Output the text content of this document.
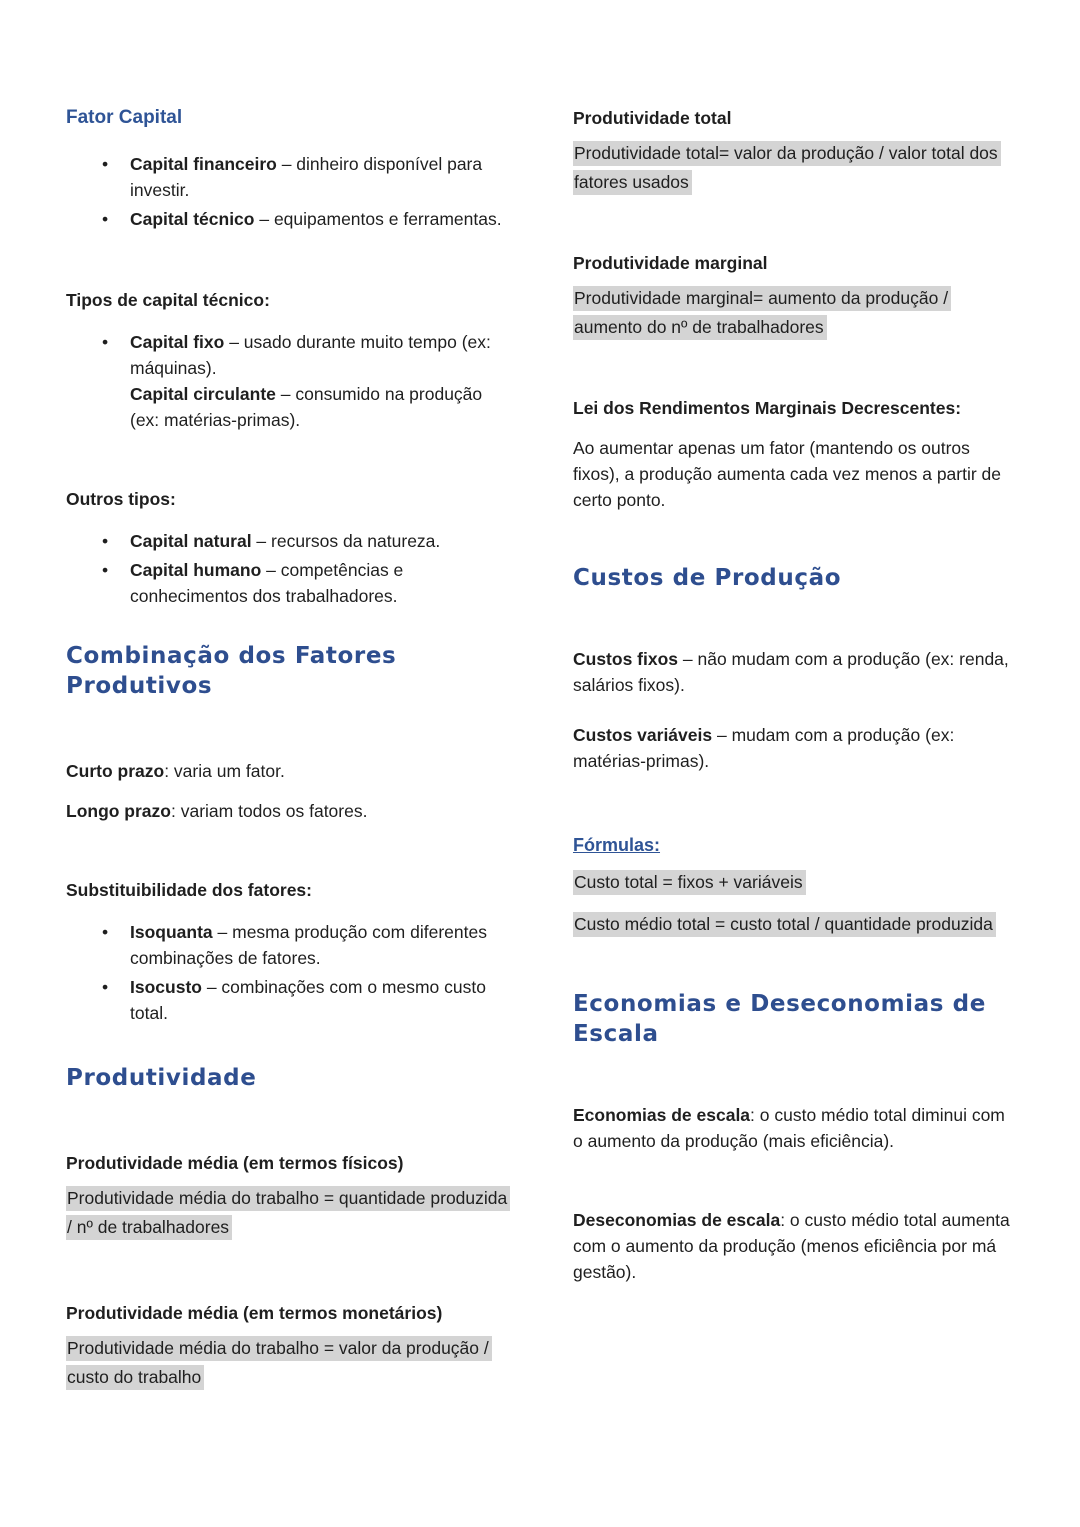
Fator Capital
• Capital financeiro – dinheiro disponível para investir.
• Capital técnico – equipamentos e ferramentas.

Tipos de capital técnico:

• Capital fixo – usado durante muito tempo (ex: máquinas).
Capital circulante – consumido na produção (ex: matérias-primas).

Outros tipos:

• Capital natural – recursos da natureza.
• Capital humano – competências e conhecimentos dos trabalhadores.
Combinação dos Fatores Produtivos

Curto prazo: varia um fator.

Longo prazo: variam todos os fatores.

Substituibilidade dos fatores:

• Isoquanta – mesma produção com diferentes combinações de fatores.
• Isocusto – combinações com o mesmo custo total.
Produtividade

Produtividade média (em termos físicos)

Produtividade média do trabalho = quantidade produzida / nº de trabalhadores

Produtividade média (em termos monetários)

Produtividade média do trabalho = valor da produção / custo do trabalho

Produtividade total

Produtividade total= valor da produção / valor total dos fatores usados

Produtividade marginal

Produtividade marginal= aumento da produção / aumento do nº de trabalhadores

Lei dos Rendimentos Marginais Decrescentes:

Ao aumentar apenas um fator (mantendo os outros fixos), a produção aumenta cada vez menos a partir de certo ponto.

Custos de Produção

Custos fixos – não mudam com a produção (ex: renda, salários fixos).

Custos variáveis – mudam com a produção (ex: matérias-primas).

Fórmulas:

Custo total = fixos + variáveis

Custo médio total = custo total / quantidade produzida

Economias e Deseconomias de Escala

Economias de escala: o custo médio total diminui com o aumento da produção (mais eficiência).

Deseconomias de escala: o custo médio total aumenta com o aumento da produção (menos eficiência por má gestão).
